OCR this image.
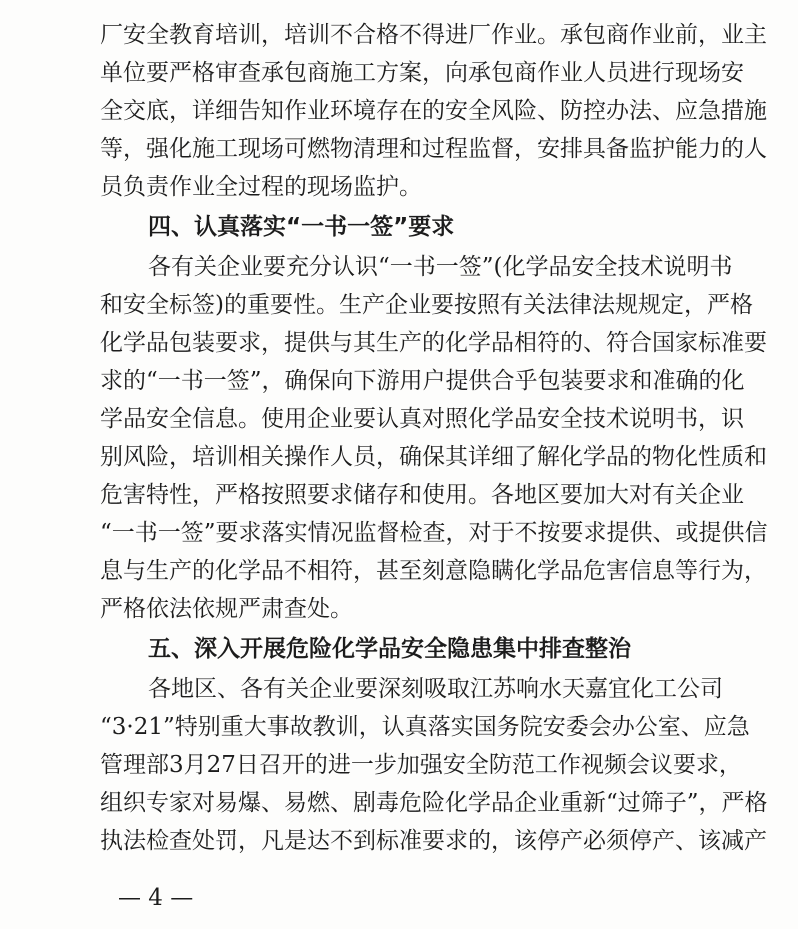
厂安全教育培训，培训不合格不得进厂作业。承包商作业前，业主
单位要严格审查承包商施工方案，向承包商作业人员进行现场安
全交底，详细告知作业环境存在的安全风险、防控办法、应急措施
等，强化施工现场可燃物清理和过程监督，安排具备监护能力的人
员负责作业全过程的现场监护。
四、认真落实“一书一签”要求
各有关企业要充分认识“一书一签”(化学品安全技术说明书
和安全标签)的重要性。生产企业要按照有关法律法规规定，严格
化学品包装要求，提供与其生产的化学品相符的、符合国家标准要
求的“一书一签”，确保向下游用户提供合乎包装要求和准确的化
学品安全信息。使用企业要认真对照化学品安全技术说明书，识
别风险，培训相关操作人员，确保其详细了解化学品的物化性质和
危害特性，严格按照要求储存和使用。各地区要加大对有关企业
“一书一签”要求落实情况监督检查，对于不按要求提供、或提供信
息与生产的化学品不相符，甚至刻意隐瞒化学品危害信息等行为，
严格依法依规严肃查处。
五、深入开展危险化学品安全隐患集中排查整治
各地区、各有关企业要深刻吸取江苏响水天嘉宜化工公司
“3·21”特别重大事故教训，认真落实国务院安委会办公室、应急
管理部3月27日召开的进一步加强安全防范工作视频会议要求，
组织专家对易爆、易燃、剧毒危险化学品企业重新“过筛子”，严格
执法检查处罚，凡是达不到标准要求的，该停产必须停产、该减产
— 4 —
